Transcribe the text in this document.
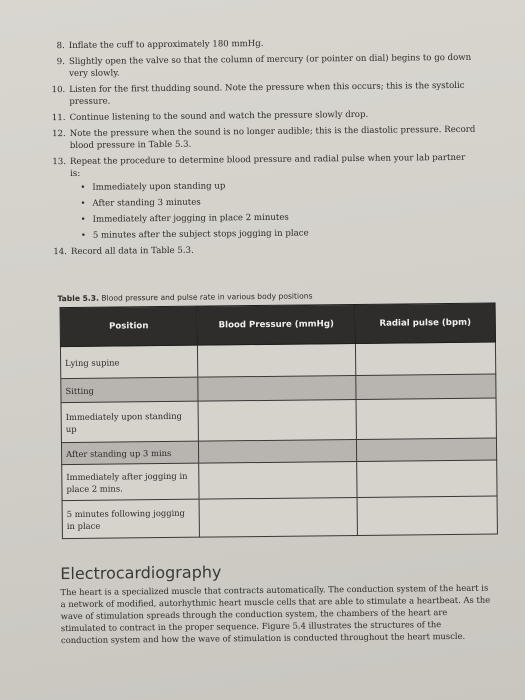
8. Inflate the cuff to approximately 180 mmHg.
9. Slightly open the valve so that the column of mercury (or pointer on dial) begins to go down very slowly.
10. Listen for the first thudding sound. Note the pressure when this occurs; this is the systolic pressure.
11. Continue listening to the sound and watch the pressure slowly drop.
12. Note the pressure when the sound is no longer audible; this is the diastolic pressure. Record blood pressure in Table 5.3.
13. Repeat the procedure to determine blood pressure and radial pulse when your lab partner is:
• Immediately upon standing up
• After standing 3 minutes
• Immediately after jogging in place 2 minutes
• 5 minutes after the subject stops jogging in place
14. Record all data in Table 5.3.
Table 5.3. Blood pressure and pulse rate in various body positions
Position	Blood Pressure (mmHg)	Radial pulse (bpm)
Lying supine		
Sitting		
Immediately upon standing up		
After standing up 3 mins		
Immediately after jogging in place 2 mins.		
5 minutes following jogging in place		
Electrocardiography
The heart is a specialized muscle that contracts automatically. The conduction system of the heart is a network of modified, autorhythmic heart muscle cells that are able to stimulate a heartbeat. As the wave of stimulation spreads through the conduction system, the chambers of the heart are stimulated to contract in the proper sequence. Figure 5.4 illustrates the structures of the conduction system and how the wave of stimulation is conducted throughout the heart muscle.
